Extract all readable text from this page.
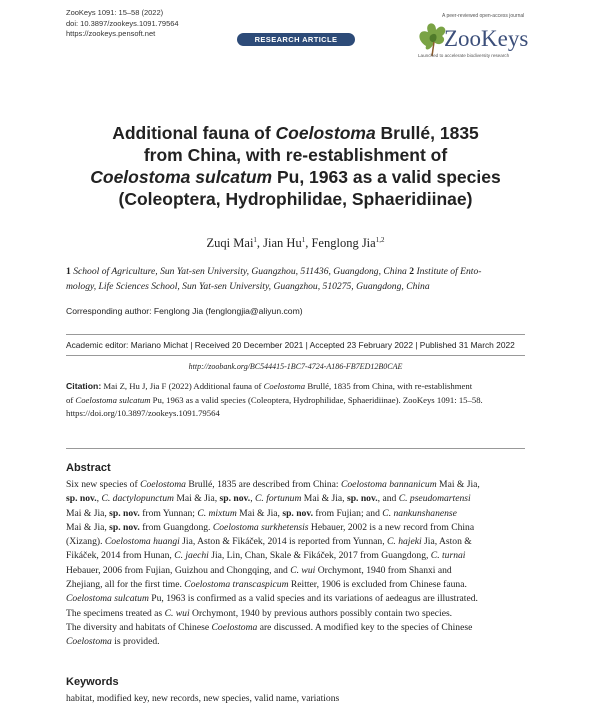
ZooKeys 1091: 15–58 (2022)
doi: 10.3897/zookeys.1091.79564
https://zookeys.pensoft.net
RESEARCH ARTICLE
A peer-reviewed open-access journal
ZooKeys
Launched to accelerate biodiversity research
Additional fauna of Coelostoma Brullé, 1835
from China, with re-establishment of
Coelostoma sulcatum Pu, 1963 as a valid species
(Coleoptera, Hydrophilidae, Sphaeridiinae)
Zuqi Mai$^1$, Jian Hu$^1$, Fenglong Jia$^{1,2}$
1 School of Agriculture, Sun Yat-sen University, Guangzhou, 511436, Guangdong, China 2 Institute of Ento-
mology, Life Sciences School, Sun Yat-sen University, Guangzhou, 510275, Guangdong, China
Corresponding author: Fenglong Jia (fenglongjia@aliyun.com)
Academic editor: Mariano Michat | Received 20 December 2021 | Accepted 23 February 2022 | Published 31 March 2022
http://zoobank.org/BC544415-1BC7-4724-A186-FB7ED12B0CAE
Citation: Mai Z, Hu J, Jia F (2022) Additional fauna of Coelostoma Brullé, 1835 from China, with re-establishment
of Coelostoma sulcatum Pu, 1963 as a valid species (Coleoptera, Hydrophilidae, Sphaeridiinae). ZooKeys 1091: 15–58.
https://doi.org/10.3897/zookeys.1091.79564
Abstract
Six new species of Coelostoma Brullé, 1835 are described from China: Coelostoma bannanicum Mai & Jia,
sp. nov., C. dactylopunctum Mai & Jia, sp. nov., C. fortunum Mai & Jia, sp. nov., and C. pseudomartensi
Mai & Jia, sp. nov. from Yunnan; C. mixtum Mai & Jia, sp. nov. from Fujian; and C. nankunshanense
Mai & Jia, sp. nov. from Guangdong. Coelostoma surkhetensis Hebauer, 2002 is a new record from China
(Xizang). Coelostoma huangi Jia, Aston & Fikáček, 2014 is reported from Yunnan, C. hajeki Jia, Aston &
Fikáček, 2014 from Hunan, C. jaechi Jia, Lin, Chan, Skale & Fikáček, 2017 from Guangdong, C. turnai
Hebauer, 2006 from Fujian, Guizhou and Chongqing, and C. wui Orchymont, 1940 from Shanxi and
Zhejiang, all for the first time. Coelostoma transcaspicum Reitter, 1906 is excluded from Chinese fauna.
Coelostoma sulcatum Pu, 1963 is confirmed as a valid species and its variations of aedeagus are illustrated.
The specimens treated as C. wui Orchymont, 1940 by previous authors possibly contain two species.
The diversity and habitats of Chinese Coelostoma are discussed. A modified key to the species of Chinese
Coelostoma is provided.
Keywords
habitat, modified key, new records, new species, valid name, variations
